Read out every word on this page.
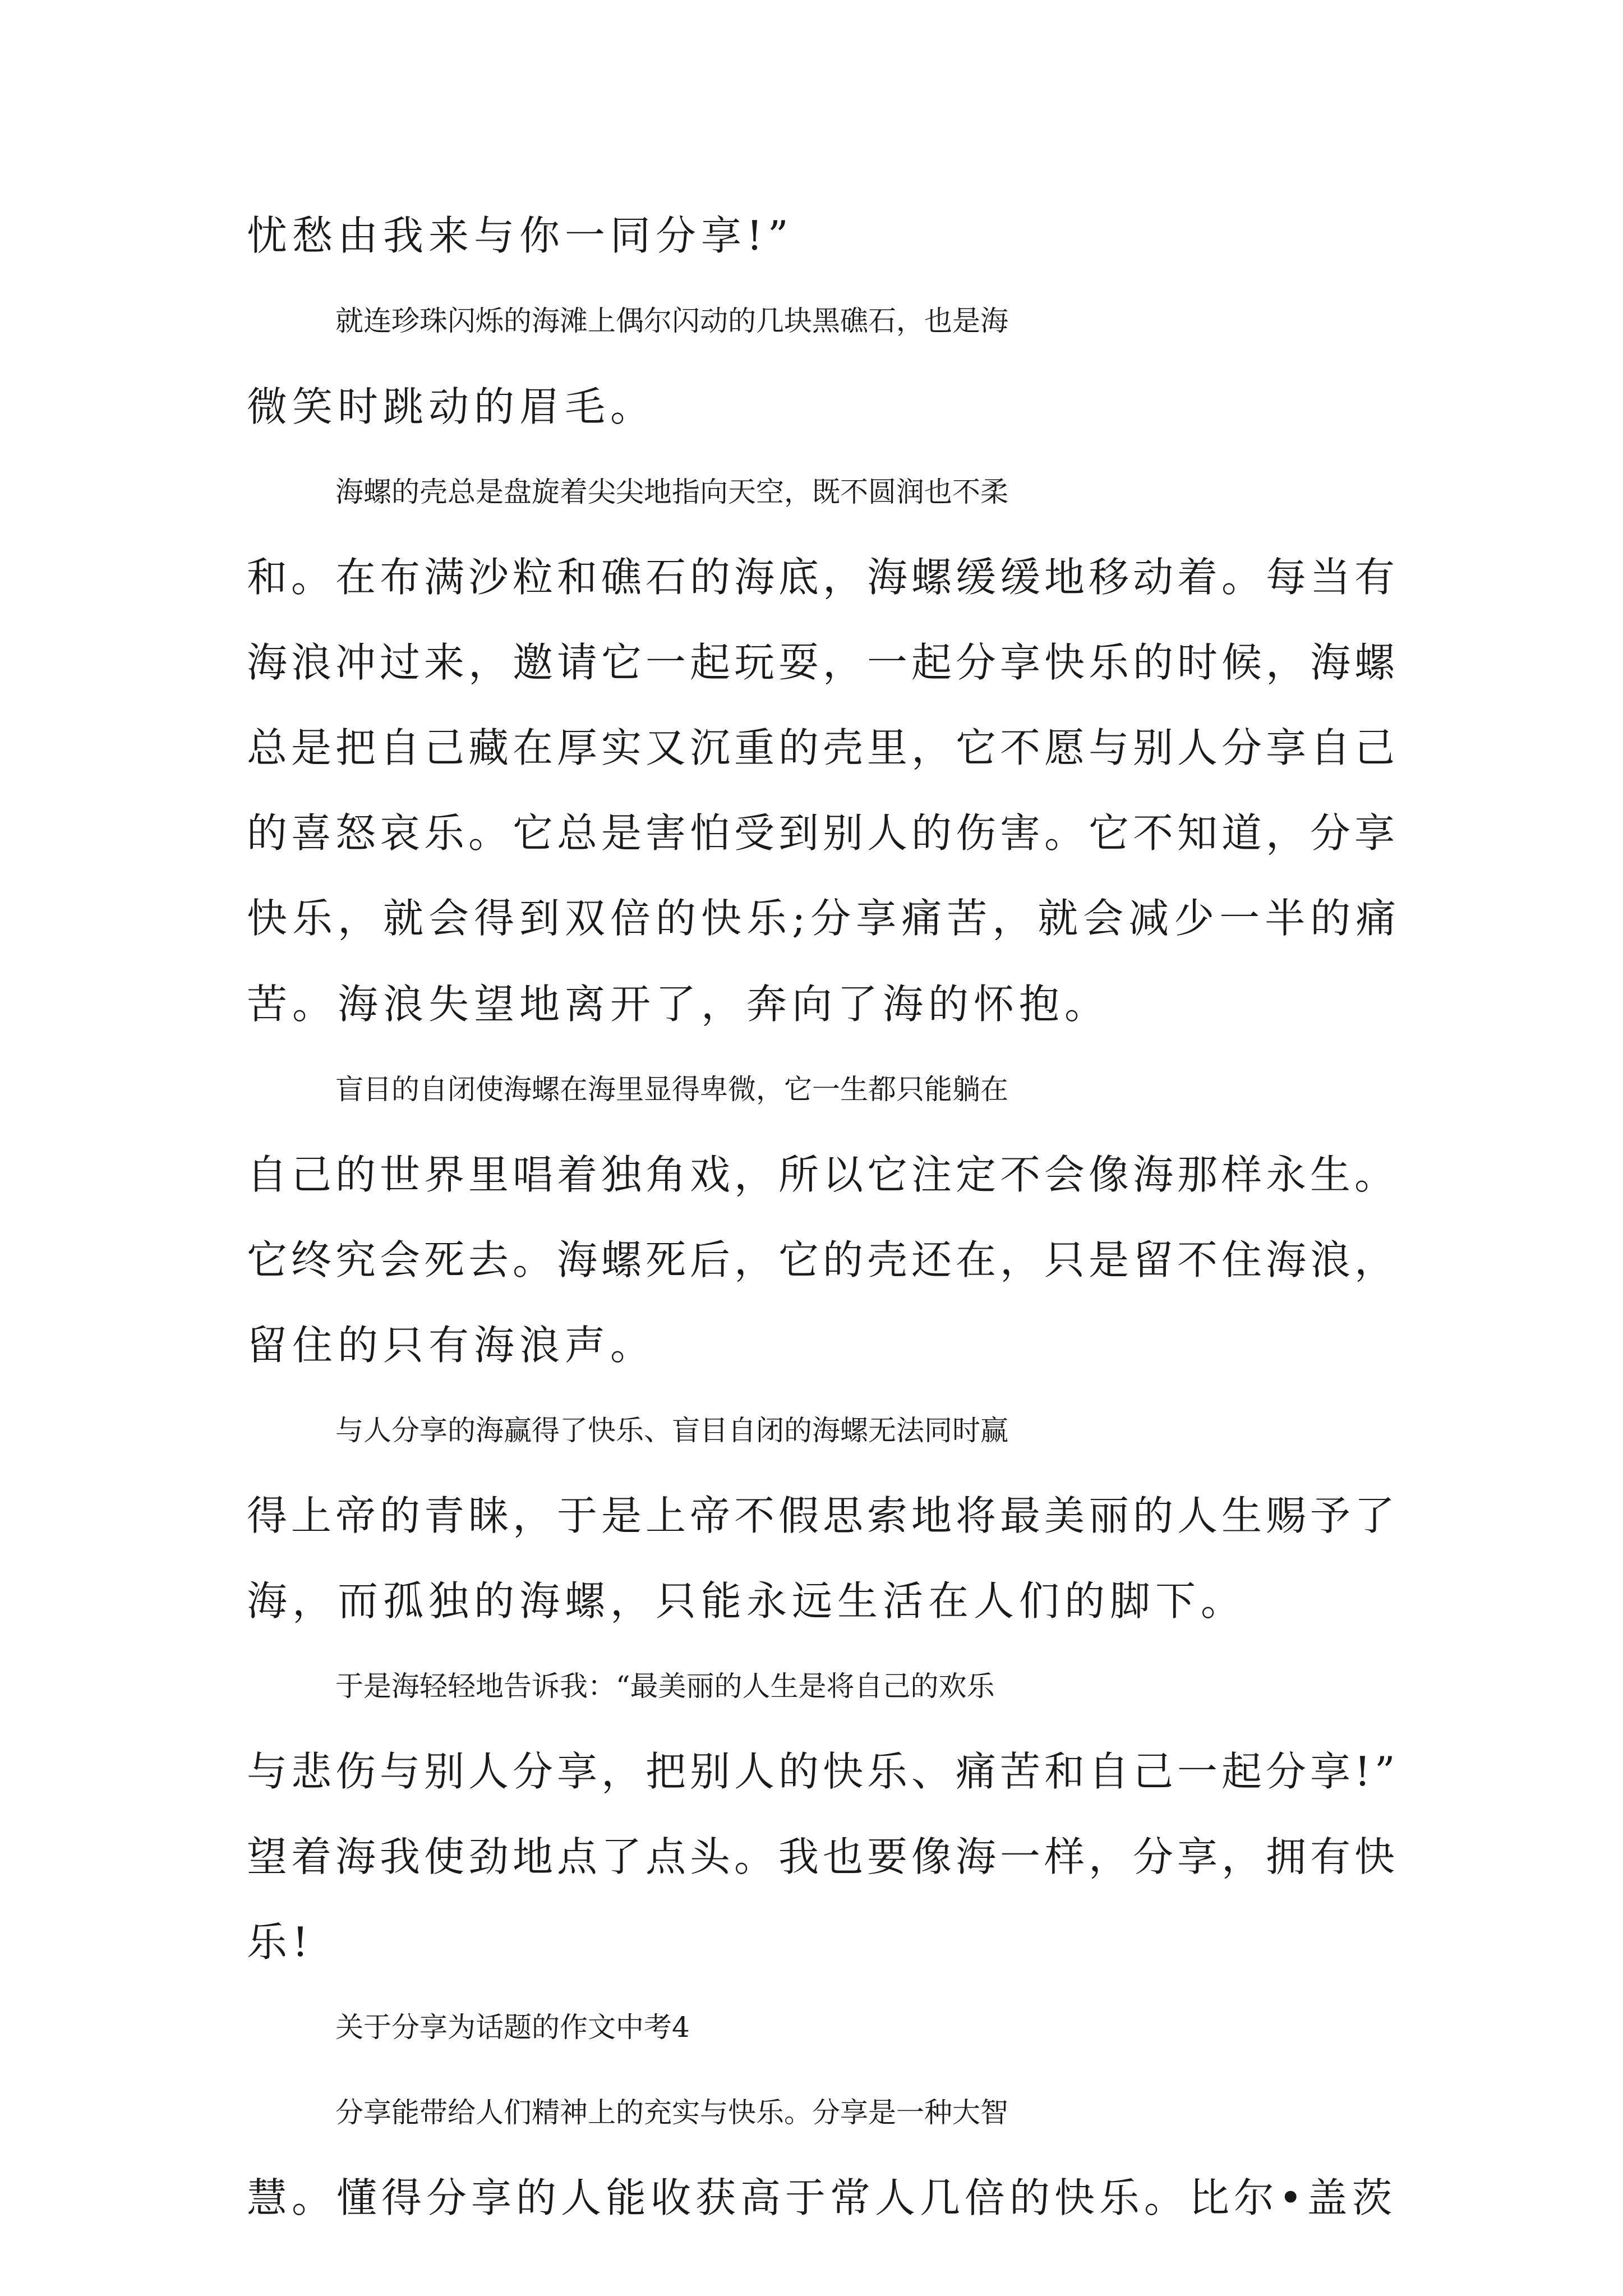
忧愁由我来与你一同分享!”
就连珍珠闪烁的海滩上偶尔闪动的几块黑礁石，也是海
微笑时跳动的眉毛。
海螺的壳总是盘旋着尖尖地指向天空，既不圆润也不柔
和。在布满沙粒和礁石的海底，海螺缓缓地移动着。每当有
海浪冲过来，邀请它一起玩耍，一起分享快乐的时候，海螺
总是把自己藏在厚实又沉重的壳里，它不愿与别人分享自己
的喜怒哀乐。它总是害怕受到别人的伤害。它不知道，分享
快乐，就会得到双倍的快乐;分享痛苦，就会减少一半的痛
苦。海浪失望地离开了，奔向了海的怀抱。
盲目的自闭使海螺在海里显得卑微，它一生都只能躺在
自己的世界里唱着独角戏，所以它注定不会像海那样永生。
它终究会死去。海螺死后，它的壳还在，只是留不住海浪，
留住的只有海浪声。
与人分享的海赢得了快乐、盲目自闭的海螺无法同时赢
得上帝的青睐，于是上帝不假思索地将最美丽的人生赐予了
海，而孤独的海螺，只能永远生活在人们的脚下。
于是海轻轻地告诉我：“最美丽的人生是将自己的欢乐
与悲伤与别人分享，把别人的快乐、痛苦和自己一起分享!”
望着海我使劲地点了点头。我也要像海一样，分享，拥有快
乐!
关于分享为话题的作文中考4
分享能带给人们精神上的充实与快乐。分享是一种大智
慧。懂得分享的人能收获高于常人几倍的快乐。比尔•盖茨
